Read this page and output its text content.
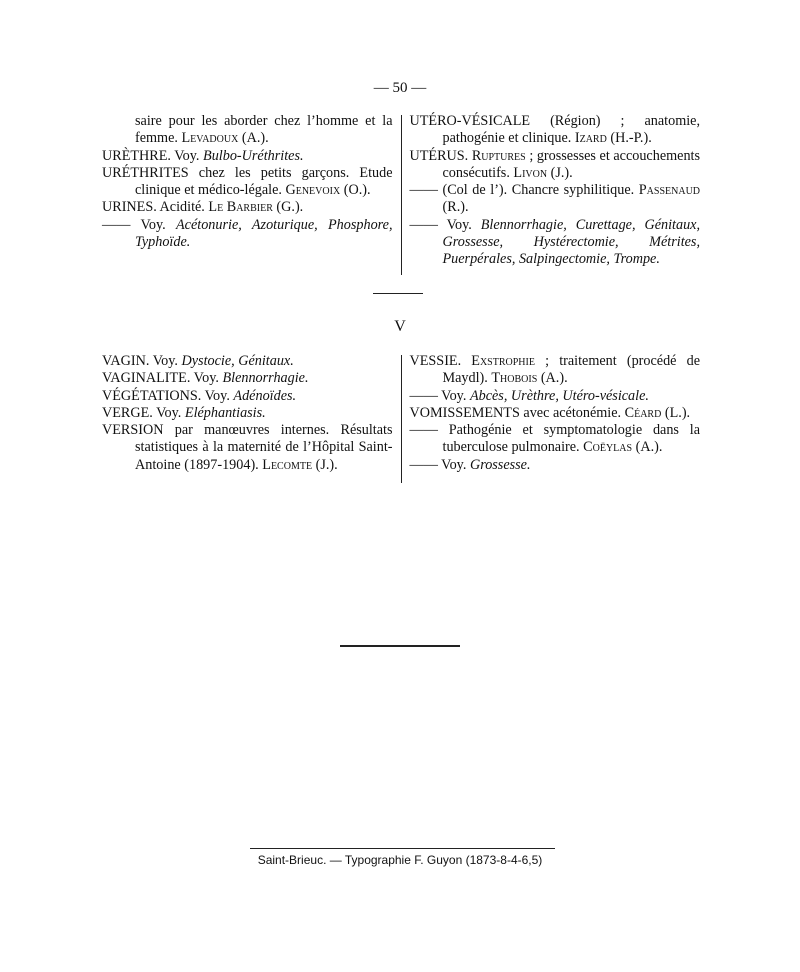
— 50 —

saire pour les aborder chez l’homme et la femme. Levadoux (A.).

URÈTHRE. Voy. Bulbo-Uréthrites.

URÉTHRITES chez les petits garçons. Etude clinique et médico-légale. Genevoix (O.).

URINES. Acidité. Le Barbier (G.).

—— Voy. Acétonurie, Azoturique, Phosphore, Typhoïde.

UTÉRO-VÉSICALE (Région) ; anatomie, pathogénie et clinique. Izard (H.-P.).

UTÉRUS. Ruptures ; grossesses et accouchements consécutifs. Livon (J.).

—— (Col de l’). Chancre syphilitique. Passenaud (R.).

—— Voy. Blennorrhagie, Curettage, Génitaux, Grossesse, Hystérectomie, Métrites, Puerpérales, Salpingectomie, Trompe.

V

VAGIN. Voy. Dystocie, Génitaux.

VAGINALITE. Voy. Blennorrhagie.

VÉGÉTATIONS. Voy. Adénoïdes.

VERGE. Voy. Eléphantiasis.

VERSION par manœuvres internes. Résultats statistiques à la maternité de l’Hôpital Saint-Antoine (1897-1904). Lecomte (J.).

VESSIE. Exstrophie ; traitement (procédé de Maydl). Thobois (A.).

—— Voy. Abcès, Urèthre, Utéro-vésicale.

VOMISSEMENTS avec acétonémie. Céard (L.).

—— Pathogénie et symptomatologie dans la tuberculose pulmonaire. Coëylas (A.).

—— Voy. Grossesse.

Saint-Brieuc. — Typographie F. Guyon (1873-8-4-6,5)
